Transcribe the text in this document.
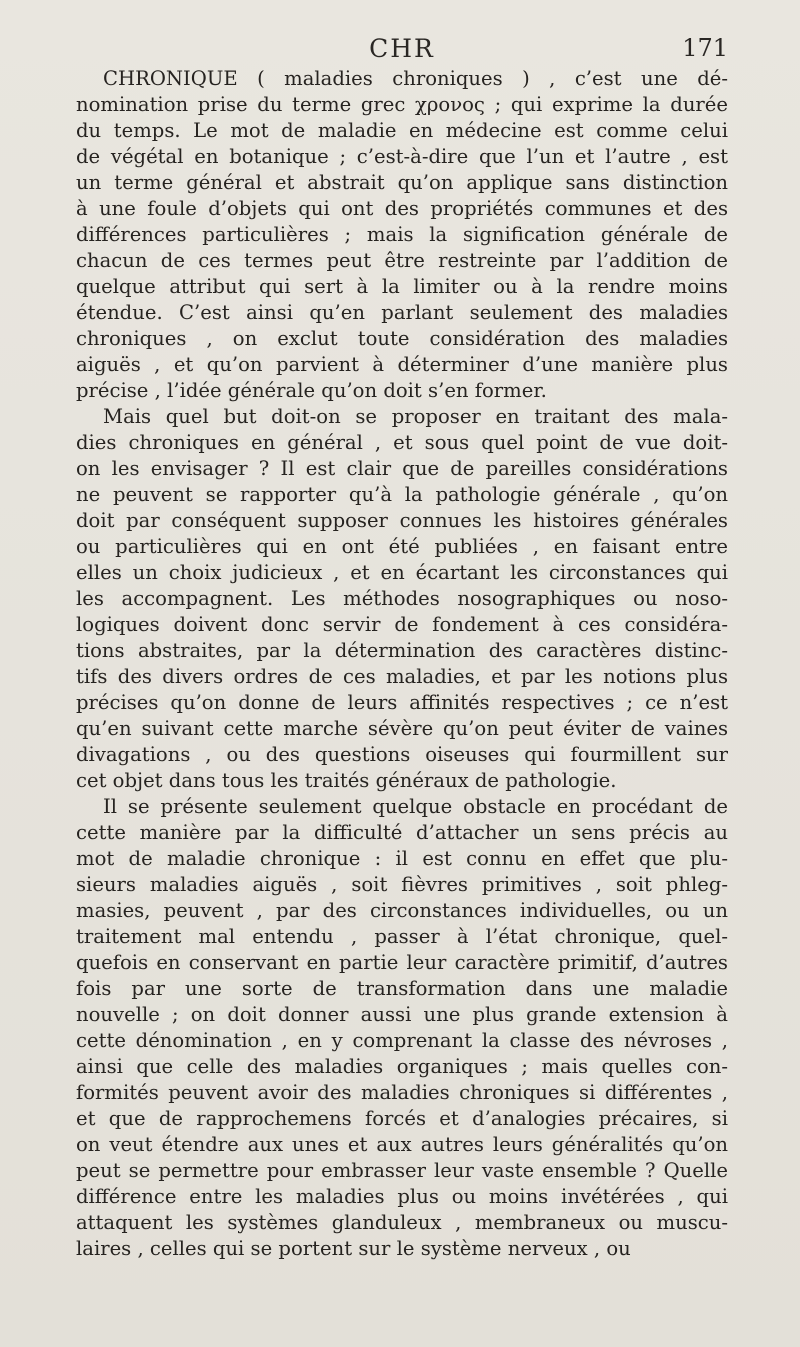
CHR	171
CHRONIQUE ( maladies chroniques ) , c’est une dé-
nomination prise du terme grec χρονος ; qui exprime la durée
du temps. Le mot de maladie en médecine est comme celui
de végétal en botanique ; c’est-à-dire que l’un et l’autre , est
un terme général et abstrait qu’on applique sans distinction
à une foule d’objets qui ont des propriétés communes et des
différences particulières ; mais la signification générale de
chacun de ces termes peut être restreinte par l’addition de
quelque attribut qui sert à la limiter ou à la rendre moins
étendue. C’est ainsi qu’en parlant seulement des maladies
chroniques , on exclut toute considération des maladies
aiguës , et qu’on parvient à déterminer d’une manière plus
précise , l’idée générale qu’on doit s’en former.
Mais quel but doit-on se proposer en traitant des mala-
dies chroniques en général , et sous quel point de vue doit-
on les envisager ? Il est clair que de pareilles considérations
ne peuvent se rapporter qu’à la pathologie générale , qu’on
doit par conséquent supposer connues les histoires générales
ou particulières qui en ont été publiées , en faisant entre
elles un choix judicieux , et en écartant les circonstances qui
les accompagnent. Les méthodes nosographiques ou noso-
logiques doivent donc servir de fondement à ces considéra-
tions abstraites, par la détermination des caractères distinc-
tifs des divers ordres de ces maladies, et par les notions plus
précises qu’on donne de leurs affinités respectives ; ce n’est
qu’en suivant cette marche sévère qu’on peut éviter de vaines
divagations , ou des questions oiseuses qui fourmillent sur
cet objet dans tous les traités généraux de pathologie.
Il se présente seulement quelque obstacle en procédant de
cette manière par la difficulté d’attacher un sens précis au
mot de maladie chronique : il est connu en effet que plu-
sieurs maladies aiguës , soit fièvres primitives , soit phleg-
masies, peuvent , par des circonstances individuelles, ou un
traitement mal entendu , passer à l’état chronique, quel-
quefois en conservant en partie leur caractère primitif, d’autres
fois par une sorte de transformation dans une maladie
nouvelle ; on doit donner aussi une plus grande extension à
cette dénomination , en y comprenant la classe des névroses ,
ainsi que celle des maladies organiques ; mais quelles con-
formités peuvent avoir des maladies chroniques si différentes ,
et que de rapprochemens forcés et d’analogies précaires, si
on veut étendre aux unes et aux autres leurs généralités qu’on
peut se permettre pour embrasser leur vaste ensemble ? Quelle
différence entre les maladies plus ou moins invétérées , qui
attaquent les systèmes glanduleux , membraneux ou muscu-
laires , celles qui se portent sur le système nerveux , ou
